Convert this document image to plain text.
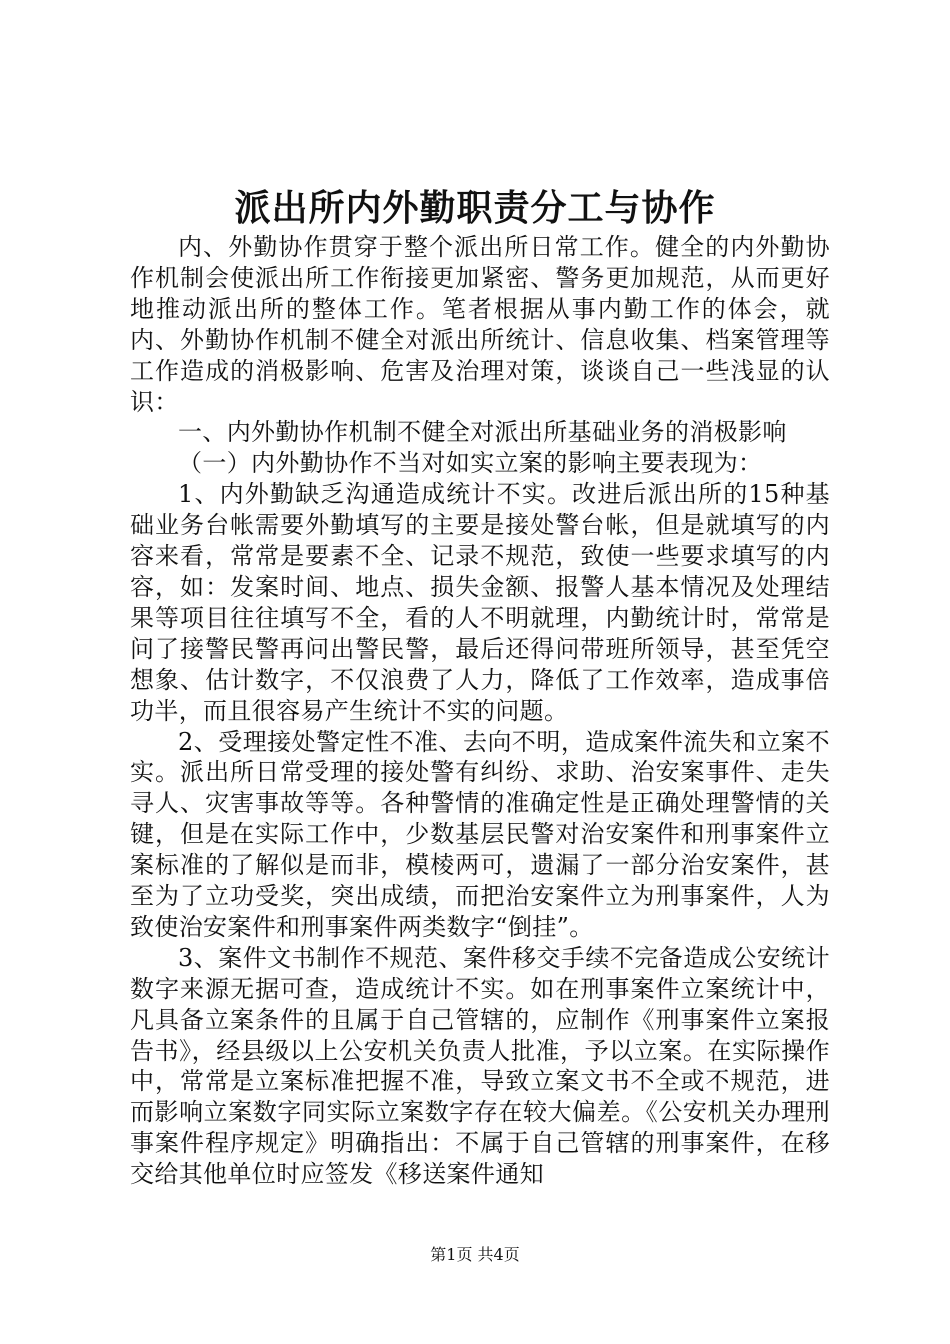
派出所内外勤职责分工与协作

内、外勤协作贯穿于整个派出所日常工作。健全的内外勤协作机制会使派出所工作衔接更加紧密、警务更加规范，从而更好地推动派出所的整体工作。笔者根据从事内勤工作的体会，就内、外勤协作机制不健全对派出所统计、信息收集、档案管理等工作造成的消极影响、危害及治理对策，谈谈自己一些浅显的认识：

一、内外勤协作机制不健全对派出所基础业务的消极影响

（一）内外勤协作不当对如实立案的影响主要表现为：

1、内外勤缺乏沟通造成统计不实。改进后派出所的15种基础业务台帐需要外勤填写的主要是接处警台帐，但是就填写的内容来看，常常是要素不全、记录不规范，致使一些要求填写的内容，如：发案时间、地点、损失金额、报警人基本情况及处理结果等项目往往填写不全，看的人不明就理，内勤统计时，常常是问了接警民警再问出警民警，最后还得问带班所领导，甚至凭空想象、估计数字，不仅浪费了人力，降低了工作效率，造成事倍功半，而且很容易产生统计不实的问题。

2、受理接处警定性不准、去向不明，造成案件流失和立案不实。派出所日常受理的接处警有纠纷、求助、治安案事件、走失寻人、灾害事故等等。各种警情的准确定性是正确处理警情的关键，但是在实际工作中，少数基层民警对治安案件和刑事案件立案标准的了解似是而非，模棱两可，遗漏了一部分治安案件，甚至为了立功受奖，突出成绩，而把治安案件立为刑事案件，人为致使治安案件和刑事案件两类数字“倒挂”。

3、案件文书制作不规范、案件移交手续不完备造成公安统计数字来源无据可查，造成统计不实。如在刑事案件立案统计中，凡具备立案条件的且属于自己管辖的，应制作《刑事案件立案报告书》，经县级以上公安机关负责人批准，予以立案。在实际操作中，常常是立案标准把握不准，导致立案文书不全或不规范，进而影响立案数字同实际立案数字存在较大偏差。《公安机关办理刑事案件程序规定》明确指出：不属于自己管辖的刑事案件，在移交给其他单位时应签发《移送案件通知

第1页 共4页
